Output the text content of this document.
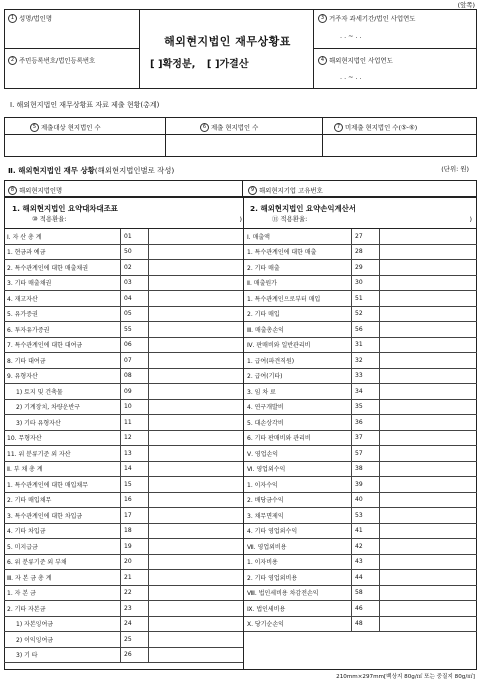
(앞쪽)
1 성명/법인명
2 주민등록번호/법인등록번호
3 거주자 과세기간/법인 사업연도
. . ~ . .
4 해외현지법인 사업연도
. . ~ . .
해외현지법인 재무상황표
[ ]확정분, [ ]가결산
Ⅰ. 해외현지법인 재무상황표 자료 제출 현황(총계)
5 제출대상 현지법인 수	6 제출 현지법인 수	7 미제출 현지법인 수(⑤-⑥)
Ⅱ. 해외현지법인 재무 상황(해외현지법인별로 작성)	(단위: 원)
8 해외현지법인명	9 해외현지기업 고유번호
1. 해외현지법인 요약대차대조표
⑩ 적용환율:	)
Ⅰ. 자 산 총 계	01	
1. 현금과 예금	50	
2. 특수관계인에 대한 매출채권	02	
3. 기타 매출채권	03	
4. 재고자산	04	
5. 유가증권	05	
6. 투자유가증권	55	
7. 특수관계인에 대한 대여금	06	
8. 기타 대여금	07	
9. 유형자산	08	
1) 토지 및 건축물	09	
2) 기계장치, 차량운반구	10	
3) 기타 유형자산	11	
10. 무형자산	12	
11. 위 분류기준 외 자산	13	
Ⅱ. 부 채 총 계	14	
1. 특수관계인에 대한 매입채무	15	
2. 기타 매입채무	16	
3. 특수관계인에 대한 차입금	17	
4. 기타 차입금	18	
5. 미지급금	19	
6. 위 분류기준 외 부채	20	
Ⅲ. 자 본 금 총 계	21	
1. 자 본 금	22	
2. 기타 자본금	23	
1) 자본잉여금	24	
2) 이익잉여금	25	
3) 기 타	26	
2. 해외현지법인 요약손익계산서
⑪ 적용환율:	)
Ⅰ. 매출액	27	
1. 특수관계인에 대한 매출	28	
2. 기타 매출	29	
Ⅱ. 매출원가	30	
1. 특수관계인으로부터 매입	51	
2. 기타 매입	52	
Ⅲ. 매출총손익	56	
Ⅳ. 판매비와 일반관리비	31	
1. 급여(파견직원)	32	
2. 급여(기타)	33	
3. 임 차 료	34	
4. 연구개발비	35	
5. 대손상각비	36	
6. 기타 판매비와 관리비	37	
Ⅴ. 영업손익	57	
Ⅵ. 영업외수익	38	
1. 이자수익	39	
2. 배당금수익	40	
3. 채무면제익	53	
4. 기타 영업외수익	41	
Ⅶ. 영업외비용	42	
1. 이자비용	43	
2. 기타 영업외비용	44	
Ⅷ. 법인세비용 차감전손익	58	
Ⅸ. 법인세비용	46	
Ⅹ. 당기순손익	48	
210mm×297mm[백상지 80g/㎡ 또는 중질지 80g/㎡]
